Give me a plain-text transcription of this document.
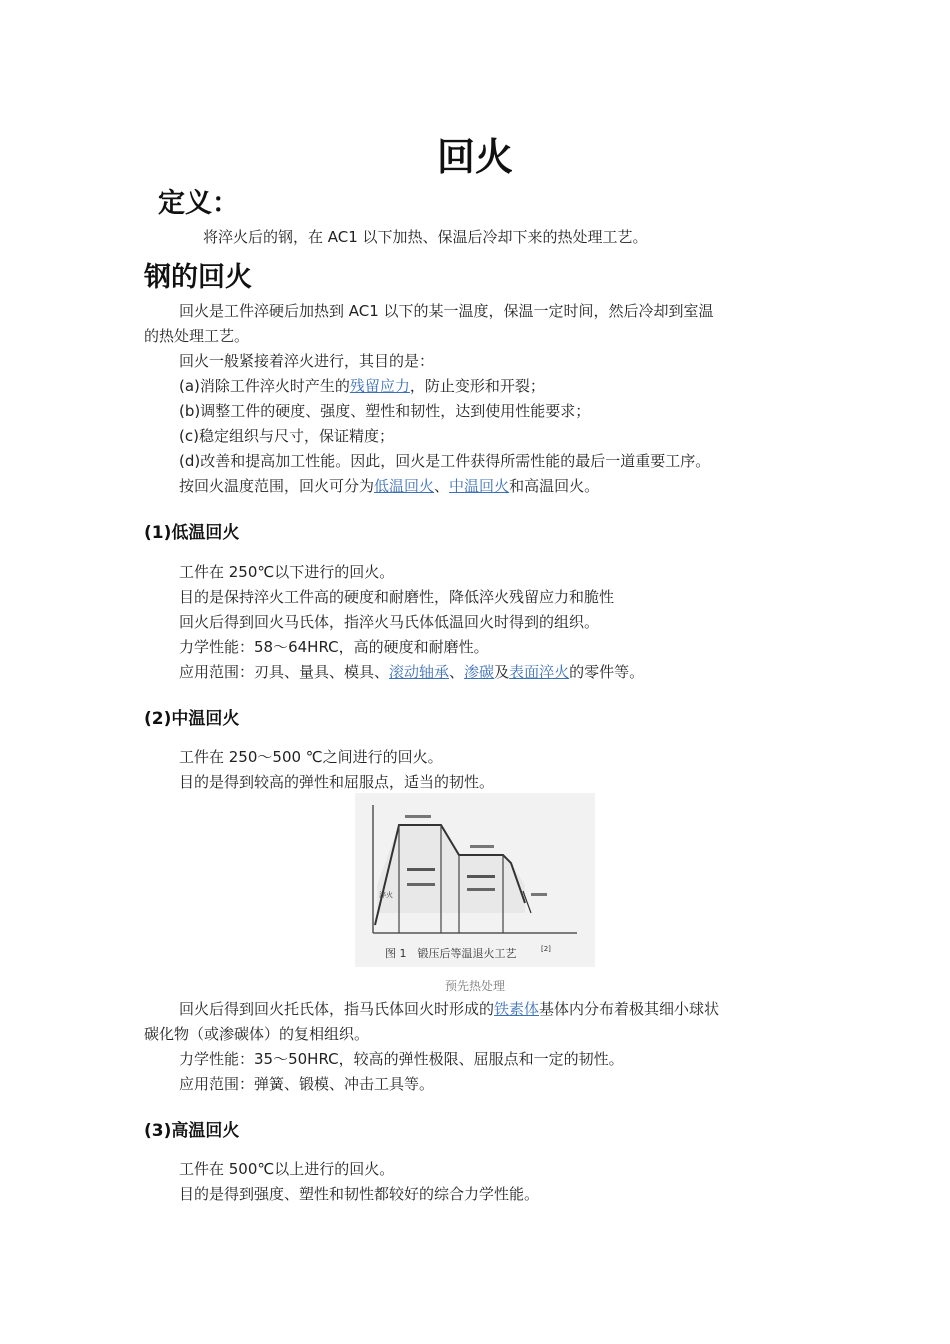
回火
定义：
将淬火后的钢，在 AC1 以下加热、保温后冷却下来的热处理工艺。
钢的回火
回火是工件淬硬后加热到 AC1 以下的某一温度，保温一定时间，然后冷却到室温
的热处理工艺。
回火一般紧接着淬火进行，其目的是：
(a)消除工件淬火时产生的残留应力，防止变形和开裂；
(b)调整工件的硬度、强度、塑性和韧性，达到使用性能要求；
(c)稳定组织与尺寸，保证精度；
(d)改善和提高加工性能。因此，回火是工件获得所需性能的最后一道重要工序。
按回火温度范围，回火可分为低温回火、中温回火和高温回火。
(1)低温回火
工件在 250℃以下进行的回火。
目的是保持淬火工件高的硬度和耐磨性，降低淬火残留应力和脆性
回火后得到回火马氏体，指淬火马氏体低温回火时得到的组织。
力学性能：58～64HRC，高的硬度和耐磨性。
应用范围：刃具、量具、模具、滚动轴承、渗碳及表面淬火的零件等。
(2)中温回火
工件在 250～500 ℃之间进行的回火。
目的是得到较高的弹性和屈服点，适当的韧性。
淬火
图 1　锻压后等温退火工艺	[2]
预先热处理
回火后得到回火托氏体，指马氏体回火时形成的铁素体基体内分布着极其细小球状
碳化物（或渗碳体）的复相组织。
力学性能：35～50HRC，较高的弹性极限、屈服点和一定的韧性。
应用范围：弹簧、锻模、冲击工具等。
(3)高温回火
工件在 500℃以上进行的回火。
目的是得到强度、塑性和韧性都较好的综合力学性能。
